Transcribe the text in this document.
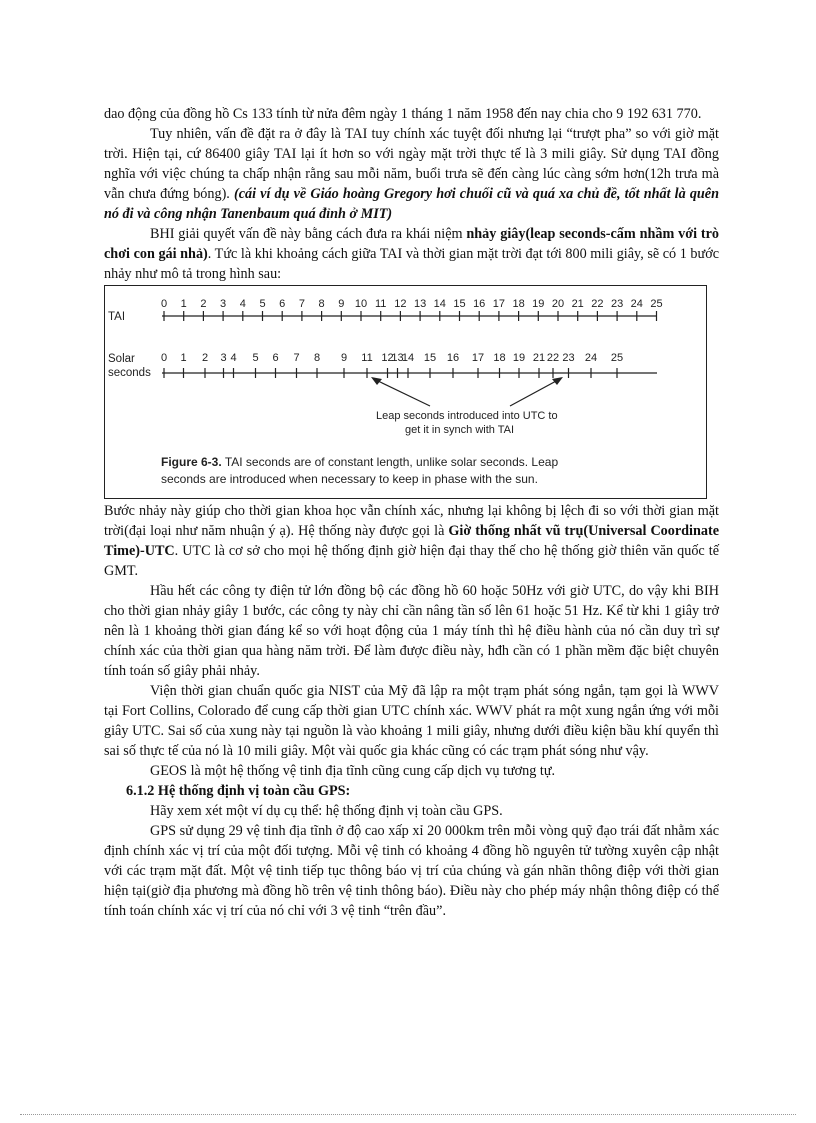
dao động của đồng hồ Cs 133 tính từ nửa đêm ngày 1 tháng 1 năm 1958 đến nay chia cho 9 192 631 770.

Tuy nhiên, vấn đề đặt ra ở đây là TAI tuy chính xác tuyệt đối nhưng lại “trượt pha” so với giờ mặt trời. Hiện tại, cứ 86400 giây TAI lại ít hơn so với ngày mặt trời thực tế là 3 mili giây. Sử dụng TAI đồng nghĩa với việc chúng ta chấp nhận rằng sau mỗi năm, buổi trưa sẽ đến càng lúc càng sớm hơn(12h trưa mà vẫn chưa đứng bóng). (cái ví dụ về Giáo hoàng Gregory hơi chuối cũ và quá xa chủ đề, tốt nhất là quên nó đi và công nhận Tanenbaum quá đỉnh ở MIT)

BHI giải quyết vấn đề này bằng cách đưa ra khái niệm nhảy giây(leap seconds-cấm nhầm với trò chơi con gái nhả). Tức là khi khoảng cách giữa TAI và thời gian mặt trời đạt tới 800 mili giây, sẽ có 1 bước nhảy như mô tả trong hình sau:

TAI
Solar
seconds
0 1 2 3 4 5 6 7 8 9 10 11 12 13 14 15 16 17 18 19 20 21 22 23 24 25
0 1 2 3 4 5 6 7 8 9 11 12
13
14 15 16 17 18 19 21 22 23 24 25
Leap seconds introduced into UTC to
get it in synch with TAI
Figure 6-3. TAI seconds are of constant length, unlike solar seconds. Leap seconds are introduced when necessary to keep in phase with the sun.

Bước nhảy này giúp cho thời gian khoa học vẫn chính xác, nhưng lại không bị lệch đi so với thời gian mặt trời(đại loại như năm nhuận ý ạ). Hệ thống này được gọi là Giờ thống nhất vũ trụ(Universal Coordinate Time)-UTC. UTC là cơ sở cho mọi hệ thống định giờ hiện đại thay thế cho hệ thống giờ thiên văn quốc tế GMT.

Hầu hết các công ty điện tử lớn đồng bộ các đồng hồ 60 hoặc 50Hz với giờ UTC, do vậy khi BIH cho thời gian nhảy giây 1 bước, các công ty này chỉ cần nâng tần số lên 61 hoặc 51 Hz. Kể từ khi 1 giây trở nên là 1 khoảng thời gian đáng kể so với hoạt động của 1 máy tính thì hệ điều hành của nó cần duy trì sự chính xác của thời gian qua hàng năm trời. Để làm được điều này, hđh cần có 1 phần mềm đặc biệt chuyên tính toán số giây phải nhảy.

Viện thời gian chuẩn quốc gia NIST của Mỹ đã lập ra một trạm phát sóng ngắn, tạm gọi là WWV tại Fort Collins, Colorado để cung cấp thời gian UTC chính xác. WWV phát ra một xung ngắn ứng với mỗi giây UTC. Sai số của xung này tại nguồn là vào khoảng 1 mili giây, nhưng dưới điều kiện bầu khí quyển thì sai số thực tế của nó là 10 mili giây. Một vài quốc gia khác cũng có các trạm phát sóng như vậy.

GEOS là một hệ thống vệ tinh địa tĩnh cũng cung cấp dịch vụ tương tự.

6.1.2 Hệ thống định vị toàn cầu GPS:

Hãy xem xét một ví dụ cụ thể: hệ thống định vị toàn cầu GPS.

GPS sử dụng 29 vệ tinh địa tĩnh ở độ cao xấp xỉ 20 000km trên mỗi vòng quỹ đạo trái đất nhằm xác định chính xác vị trí của một đối tượng. Mỗi vệ tinh có khoảng 4 đồng hồ nguyên tử tường xuyên cập nhật với các trạm mặt đất. Một vệ tinh tiếp tục thông báo vị trí của chúng và gán nhãn thông điệp với thời gian hiện tại(giờ địa phương mà đồng hồ trên vệ tinh thông báo). Điều này cho phép máy nhận thông điệp có thể tính toán chính xác vị trí của nó chỉ với 3 vệ tinh “trên đầu”.
